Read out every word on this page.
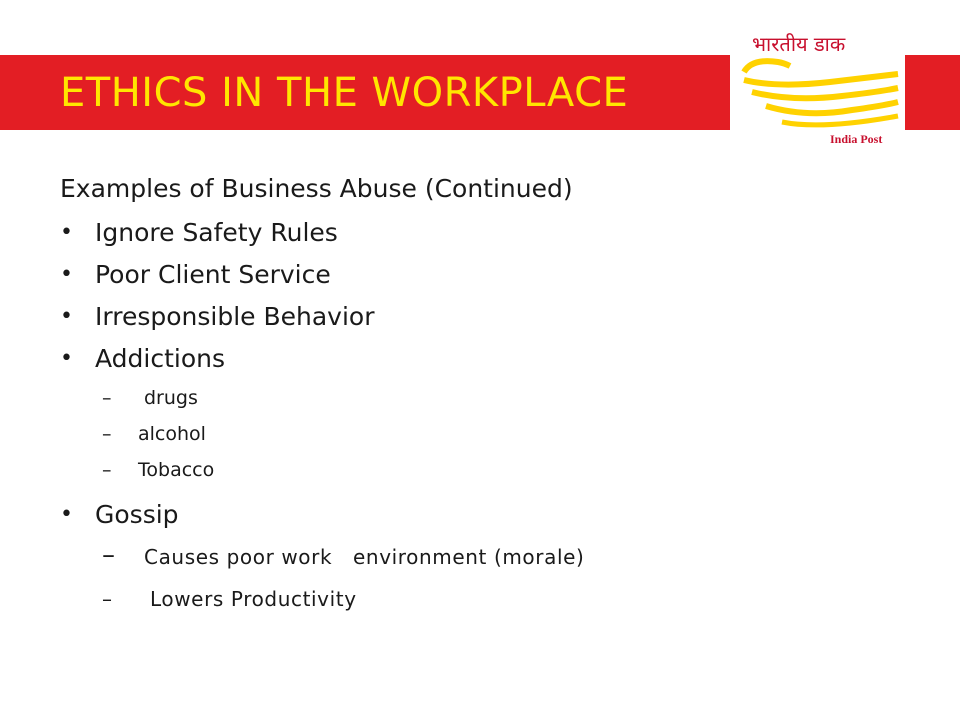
ETHICS IN THE WORKPLACE
भारतीय डाक
India Post
Examples of Business Abuse (Continued)
• Ignore Safety Rules
• Poor Client Service
• Irresponsible Behavior
• Addictions
– drugs
– alcohol
– Tobacco
• Gossip
– Causes poor work   environment (morale)
– Lowers Productivity
